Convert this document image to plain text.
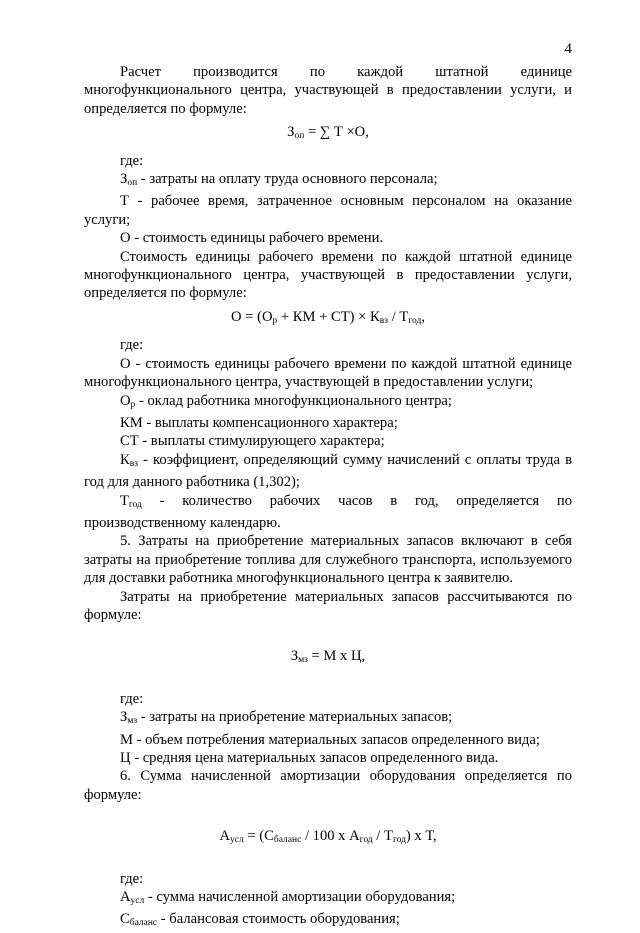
4

Расчет производится по каждой штатной единице многофункционального центра, участвующей в предоставлении услуги, и определяется по формуле:

$З_{оп}$ = ∑ Т ×О,

где:

$З_{оп}$ - затраты на оплату труда основного персонала;

Т - рабочее время, затраченное основным персоналом на оказание услуги;

О - стоимость единицы рабочего времени.

Стоимость единицы рабочего времени по каждой штатной единице многофункционального центра, участвующей в предоставлении услуги, определяется по формуле:

$О = (О_р$ + КМ + $СТ) \times К_{вз} / Т_{год}$,

где:

О - стоимость единицы рабочего времени по каждой штатной единице многофункционального центра, участвующей в предоставлении услуги;

$О_р$ - оклад работника многофункционального центра;

КМ - выплаты компенсационного характера;

СТ - выплаты стимулирующего характера;

$К_{вз}$ - коэффициент, определяющий сумму начислений с оплаты труда в год для данного работника (1,302);

$Т_{год}$ - количество рабочих часов в год, определяется по производственному календарю.

5. Затраты на приобретение материальных запасов включают в себя затраты на приобретение топлива для служебного транспорта, используемого для доставки работника многофункционального центра к заявителю.

Затраты на приобретение материальных запасов рассчитываются по формуле:

$З_{мз} = М$ х Ц,

где:

$З_{мз}$ - затраты на приобретение материальных запасов;

М - объем потребления материальных запасов определенного вида;

Ц - средняя цена материальных запасов определенного вида.

6. Сумма начисленной амортизации оборудования определяется по формуле:

$А_{усл} = (С_{баланс} / 100$ х $А_{год} / Т_{год}$) х Т,

где:

$А_{усл}$ - сумма начисленной амортизации оборудования;

$С_{баланс}$ - балансовая стоимость оборудования;
